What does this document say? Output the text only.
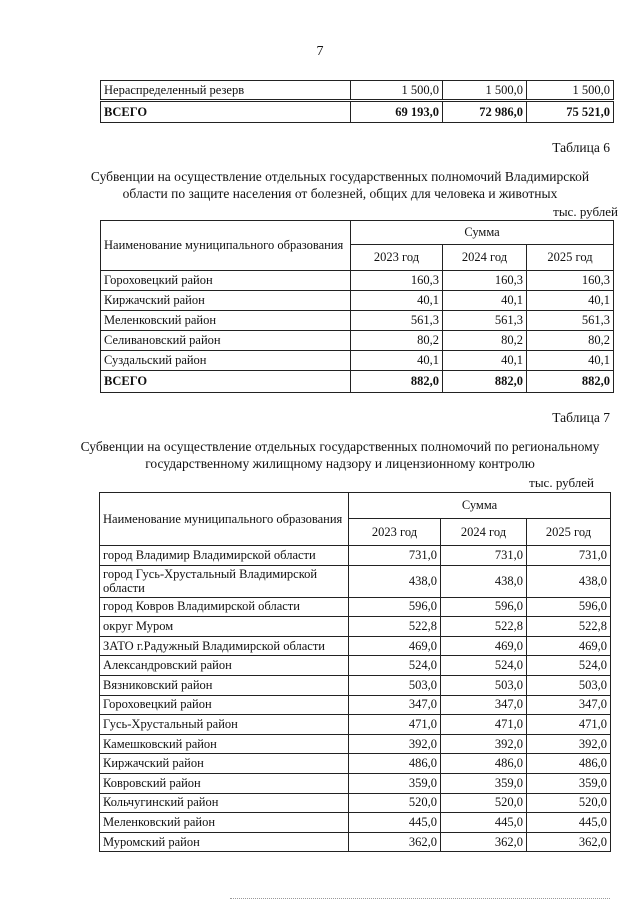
7
Нераспределенный резерв	1 500,0	1 500,0	1 500,0
ВСЕГО	69 193,0	72 986,0	75 521,0
Таблица 6
Субвенции на осуществление отдельных государственных полномочий Владимирской
области по защите населения от болезней, общих для человека и животных
тыс. рублей
Наименование муниципального образования	Сумма		
	2023 год	2024 год	2025 год
Гороховецкий район	160,3	160,3	160,3
Киржачский район	40,1	40,1	40,1
Меленковский район	561,3	561,3	561,3
Селивановский район	80,2	80,2	80,2
Суздальский район	40,1	40,1	40,1
ВСЕГО	882,0	882,0	882,0
Таблица 7
Субвенции на осуществление отдельных государственных полномочий по региональному
государственному жилищному надзору и лицензионному контролю
тыс. рублей
Наименование муниципального образования	Сумма		
	2023 год	2024 год	2025 год
город Владимир Владимирской области	731,0	731,0	731,0
город Гусь-Хрустальный Владимирской области	438,0	438,0	438,0
город Ковров Владимирской области	596,0	596,0	596,0
округ Муром	522,8	522,8	522,8
ЗАТО г.Радужный Владимирской области	469,0	469,0	469,0
Александровский район	524,0	524,0	524,0
Вязниковский район	503,0	503,0	503,0
Гороховецкий район	347,0	347,0	347,0
Гусь-Хрустальный район	471,0	471,0	471,0
Камешковский район	392,0	392,0	392,0
Киржачский район	486,0	486,0	486,0
Ковровский район	359,0	359,0	359,0
Кольчугинский район	520,0	520,0	520,0
Меленковский район	445,0	445,0	445,0
Муромский район	362,0	362,0	362,0
